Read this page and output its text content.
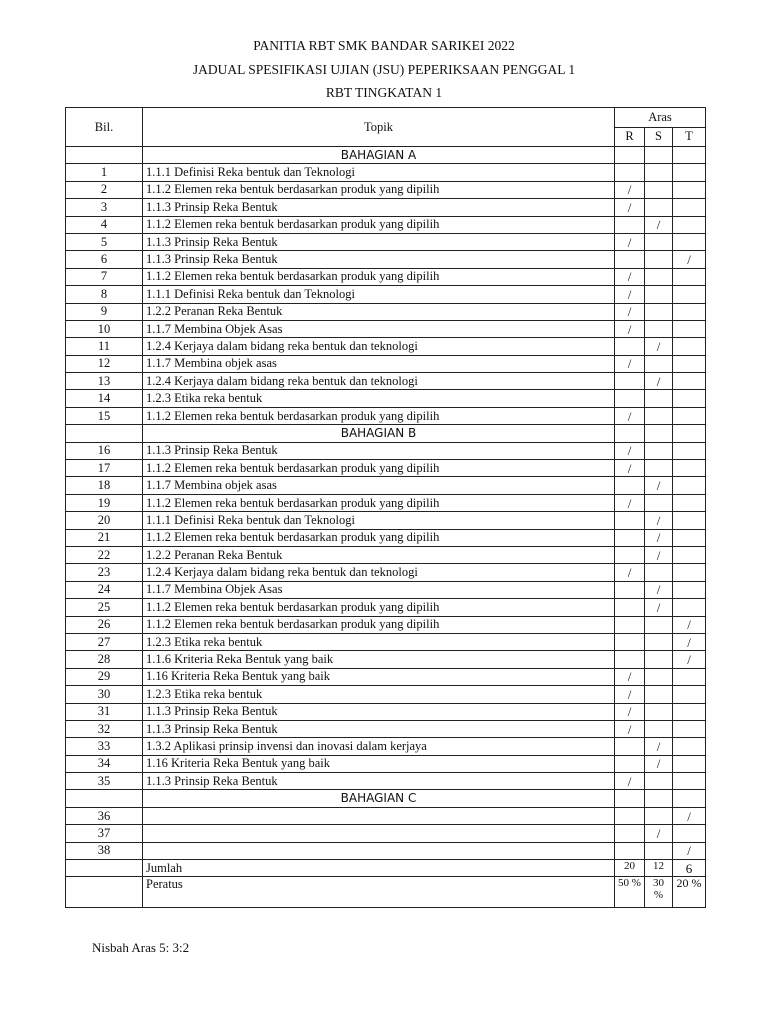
PANITIA RBT SMK BANDAR SARIKEI 2022
JADUAL SPESIFIKASI UJIAN (JSU) PEPERIKSAAN PENGGAL 1
RBT TINGKATAN 1
Bil.	Topik	Aras		
		R	S	T
	BAHAGIAN A			
1	1.1.1 Definisi Reka bentuk dan Teknologi			
2	1.1.2 Elemen reka bentuk berdasarkan produk yang dipilih	/		
3	1.1.3 Prinsip Reka Bentuk	/		
4	1.1.2 Elemen reka bentuk berdasarkan produk yang dipilih		/	
5	1.1.3 Prinsip Reka Bentuk	/		
6	1.1.3 Prinsip Reka Bentuk			/
7	1.1.2 Elemen reka bentuk berdasarkan produk yang dipilih	/		
8	1.1.1 Definisi Reka bentuk dan Teknologi	/		
9	1.2.2 Peranan Reka Bentuk	/		
10	1.1.7 Membina Objek Asas	/		
11	1.2.4 Kerjaya dalam bidang reka bentuk dan teknologi		/	
12	1.1.7 Membina objek asas	/		
13	1.2.4 Kerjaya dalam bidang reka bentuk dan teknologi		/	
14	1.2.3 Etika reka bentuk			
15	1.1.2 Elemen reka bentuk berdasarkan produk yang dipilih	/		
	BAHAGIAN B			
16	1.1.3 Prinsip Reka Bentuk	/		
17	1.1.2 Elemen reka bentuk berdasarkan produk yang dipilih	/		
18	1.1.7 Membina objek asas		/	
19	1.1.2 Elemen reka bentuk berdasarkan produk yang dipilih	/		
20	1.1.1 Definisi Reka bentuk dan Teknologi		/	
21	1.1.2 Elemen reka bentuk berdasarkan produk yang dipilih		/	
22	1.2.2 Peranan Reka Bentuk		/	
23	1.2.4 Kerjaya dalam bidang reka bentuk dan teknologi	/		
24	1.1.7 Membina Objek Asas		/	
25	1.1.2 Elemen reka bentuk berdasarkan produk yang dipilih		/	
26	1.1.2 Elemen reka bentuk berdasarkan produk yang dipilih			/
27	1.2.3 Etika reka bentuk			/
28	1.1.6 Kriteria Reka Bentuk yang baik			/
29	1.16 Kriteria Reka Bentuk yang baik	/		
30	1.2.3 Etika reka bentuk	/		
31	1.1.3 Prinsip Reka Bentuk	/		
32	1.1.3 Prinsip Reka Bentuk	/		
33	1.3.2 Aplikasi prinsip invensi dan inovasi dalam kerjaya		/	
34	1.16 Kriteria Reka Bentuk yang baik		/	
35	1.1.3 Prinsip Reka Bentuk	/		
	BAHAGIAN C			
36				/
37			/	
38				/
	Jumlah	20	12	6
	Peratus	50 %	30 %	20 %
Nisbah Aras 5: 3:2
